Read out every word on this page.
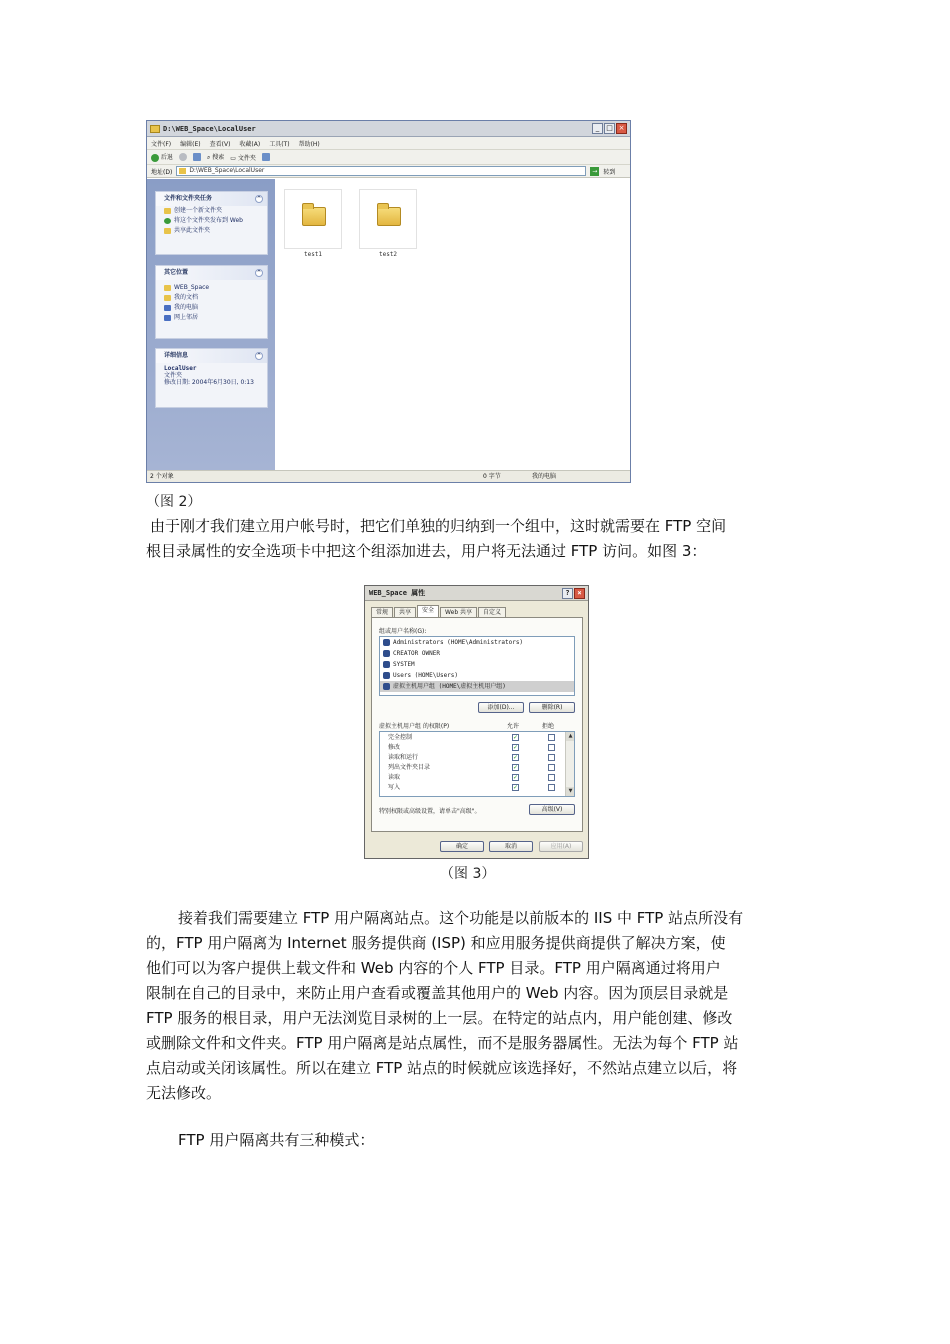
D:\WEB_Space\LocalUser	_ □ ×
文件(F) 编辑(E) 查看(V) 收藏(A) 工具(T) 帮助(H)
后退	⌕ 搜索 ▭ 文件夹
地址(D)	D:\WEB_Space\LocalUser	→ 转到
文件和文件夹任务	^
创建一个新文件夹
将这个文件夹发布到 Web
共享此文件夹
其它位置	^
WEB_Space
我的文档
我的电脑
网上邻居
详细信息	^
LocalUser
文件夹
修改日期: 2004年6月30日, 0:13
test1	test2
2 个对象	0 字节	我的电脑
（图 2）
由于刚才我们建立用户帐号时，把它们单独的归纳到一个组中，这时就需要在 FTP 空间
根目录属性的安全选项卡中把这个组添加进去，用户将无法通过 FTP 访问。如图 3：
WEB_Space 属性	?	×
常规	共享	安全	Web 共享	自定义
组或用户名称(G):
Administrators (HOME\Administrators)
CREATOR OWNER
SYSTEM
Users (HOME\Users)
虚拟主机用户组 (HOME\虚拟主机用户组)
添加(D)...	删除(R)
虚拟主机用户组 的权限(P)	允许	拒绝
完全控制	✓
修改	✓
读取和运行	✓
列出文件夹目录	✓
读取	✓
写入	✓
▲
▼
特别权限或高级设置，请单击"高级"。	高级(V)
确定	取消	应用(A)
（图 3）
接着我们需要建立 FTP 用户隔离站点。这个功能是以前版本的 IIS 中 FTP 站点所没有
的，FTP 用户隔离为 Internet 服务提供商 (ISP) 和应用服务提供商提供了解决方案，使
他们可以为客户提供上载文件和 Web 内容的个人 FTP 目录。FTP 用户隔离通过将用户
限制在自己的目录中，来防止用户查看或覆盖其他用户的 Web 内容。因为顶层目录就是
FTP 服务的根目录，用户无法浏览目录树的上一层。在特定的站点内，用户能创建、修改
或删除文件和文件夹。FTP 用户隔离是站点属性，而不是服务器属性。无法为每个 FTP 站
点启动或关闭该属性。所以在建立 FTP 站点的时候就应该选择好，不然站点建立以后，将
无法修改。
FTP 用户隔离共有三种模式：
